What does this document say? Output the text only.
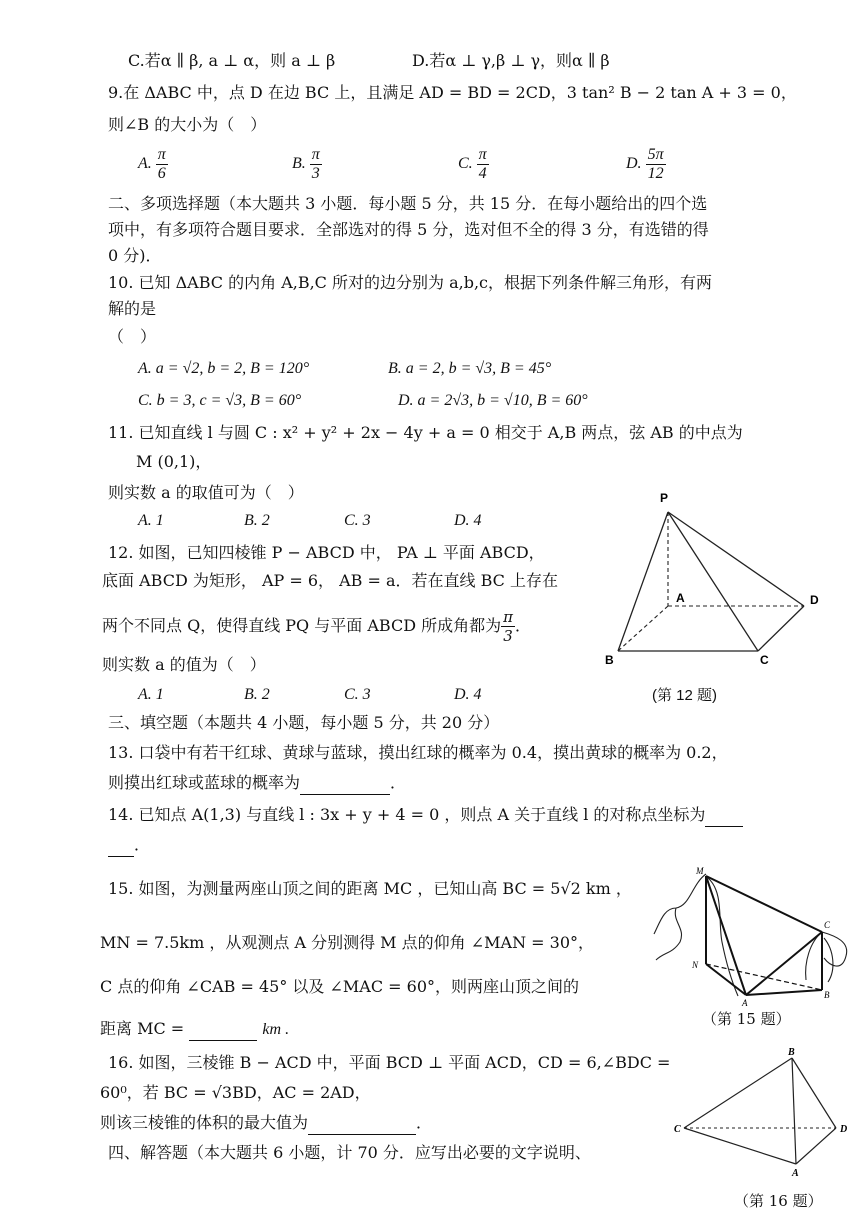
C.若α ∥ β, a ⊥ α，则 a ⊥ β	D.若α ⊥ γ,β ⊥ γ，则α ∥ β
9.在 ΔABC 中，点 D 在边 BC 上，且满足 AD = BD = 2CD，3 tan² B − 2 tan A + 3 = 0，
则∠B 的大小为（　）
A. $\frac{\pi}{6}$	B. $\frac{\pi}{3}$	C. $\frac{\pi}{4}$	D. $\frac{5\pi}{12}$
二、多项选择题（本大题共 3 小题．每小题 5 分，共 15 分．在每小题给出的四个选
项中，有多项符合题目要求．全部选对的得 5 分，选对但不全的得 3 分，有选错的得
0 分)．
10. 已知 ΔABC 的内角 A,B,C 所对的边分别为 a,b,c，根据下列条件解三角形，有两
解的是
（　）
A. a = √2, b = 2, B = 120°	B. a = 2, b = √3, B = 45°
C. b = 3, c = √3, B = 60°	D. a = 2√3, b = √10, B = 60°
11. 已知直线 l 与圆 C : x² + y² + 2x − 4y + a = 0 相交于 A,B 两点，弦 AB 的中点为
M (0,1)，
则实数 a 的取值可为（　）
A. 1	B. 2	C. 3	D. 4
12. 如图，已知四棱锥 P − ABCD 中， PA ⊥ 平面 ABCD，
底面 ABCD 为矩形， AP = 6， AB = a．若在直线 BC 上存在
两个不同点 Q，使得直线 PQ 与平面 ABCD 所成角都为 $\frac{\pi}{3}$ ．
则实数 a 的值为（　）
A. 1	B. 2	C. 3	D. 4
P
A
B	C
D
(第 12 题)
三、填空题（本题共 4 小题，每小题 5 分，共 20 分）
13. 口袋中有若干红球、黄球与蓝球，摸出红球的概率为 0.4，摸出黄球的概率为 0.2，
则摸出红球或蓝球的概率为	．
14. 已知点 A(1,3) 与直线 l : 3x + y + 4 = 0 ，则点 A 关于直线 l 的对称点坐标为
．
15. 如图，为测量两座山顶之间的距离 MC ，已知山高 BC = 5√2 km ，
MN = 7.5km ，从观测点 A 分别测得 M 点的仰角 ∠MAN = 30°，
C 点的仰角 ∠CAB = 45° 以及 ∠MAC = 60°，则两座山顶之间的
距离 MC =	km .
M
N
A
B
C
（第 15 题）
16. 如图，三棱锥 B − ACD 中，平面 BCD ⊥ 平面 ACD，CD = 6,∠BDC =
60⁰，若 BC = √3BD，AC = 2AD，
则该三棱锥的体积的最大值为	．
B
C	D
A
四、解答题（本大题共 6 小题，计 70 分．应写出必要的文字说明、
（第 16 题）
